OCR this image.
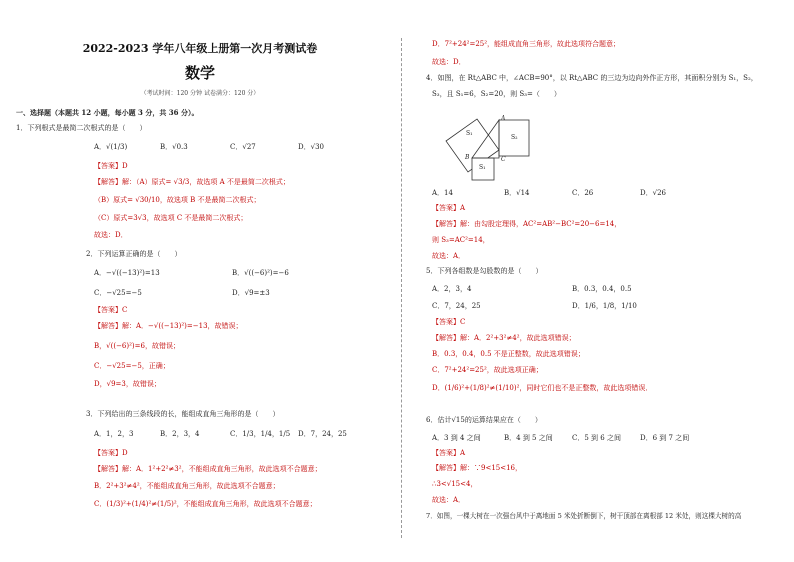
2022-2023 学年八年级上册第一次月考测试卷
数学
（考试时间：120 分钟 试卷满分：120 分）
一、选择题（本题共 12 小题，每小题 3 分，共 36 分）。
1．下列根式是最简二次根式的是（　　）
A．√(1/3)	B．√0.3	C．√27	D．√30
【答案】D
【解答】解：（A）原式= √3/3，故选项 A 不是最简二次根式；
（B）原式= √30/10，故选项 B 不是最简二次根式；
（C）原式=3√3，故选项 C 不是最简二次根式；
故选：D．
2．下列运算正确的是（　　）
A．−√((−13)²)=13	B．√((−6)²)=−6
C．−√25=−5	D．√9=±3
【答案】C
【解答】解：A．−√((−13)²)=−13，故错误；
B，√((−6)²)=6，故错误；
C．−√25=−5，正确；
D，√9=3，故错误；
3．下列给出的三条线段的长，能组成直角三角形的是（　　）
A．1，2，3	B．2，3，4	C．1/3，1/4，1/5 D．7，24，25
【答案】D
【解答】解：A．1²+2²≠3²，不能组成直角三角形，故此选项不合题意；
B．2²+3²≠4²，不能组成直角三角形，故此选项不合题意；
C．(1/3)²+(1/4)²≠(1/5)²，不能组成直角三角形，故此选项不合题意；
D．7²+24²=25²，能组成直角三角形，故此选项符合题意；
故选：D．
4．如图，在 Rt△ABC 中，∠ACB=90°，以 Rt△ABC 的三边为边向外作正方形，其面积分别为 S₁，S₂，
S₃，且 S₁=6，S₂=20，则 S₃=（　　）
S₁
S₂
S₁
A
B	C
A．14	B．√14	C．26	D．√26
【答案】A
【解答】解：由勾股定理得，AC²=AB²−BC²=20−6=14，
则 S₃=AC²=14，
故选：A．
5．下列各组数是勾股数的是（　　）
A．2，3，4	B．0.3，0.4，0.5
C．7，24，25	D．1/6，1/8，1/10
【答案】C
【解答】解：A．2²+3²≠4²，故此选项错误；
B．0.3，0.4，0.5 不是正整数，故此选项错误；
C．7²+24²=25²，故此选项正确；
D．(1/6)²+(1/8)²≠(1/10)²，同时它们也不是正整数，故此选项错误．
6．估计√15的运算结果应在（　　）
A．3 到 4 之间	B．4 到 5 之间	C．5 到 6 之间	D．6 到 7 之间
【答案】A
【解答】解：∵9<15<16，
∴3<√15<4，
故选：A．
7．如图，一棵大树在一次强台风中于离地面 5 米处折断倒下，树干顶部在离根部 12 米处，则这棵大树的高
